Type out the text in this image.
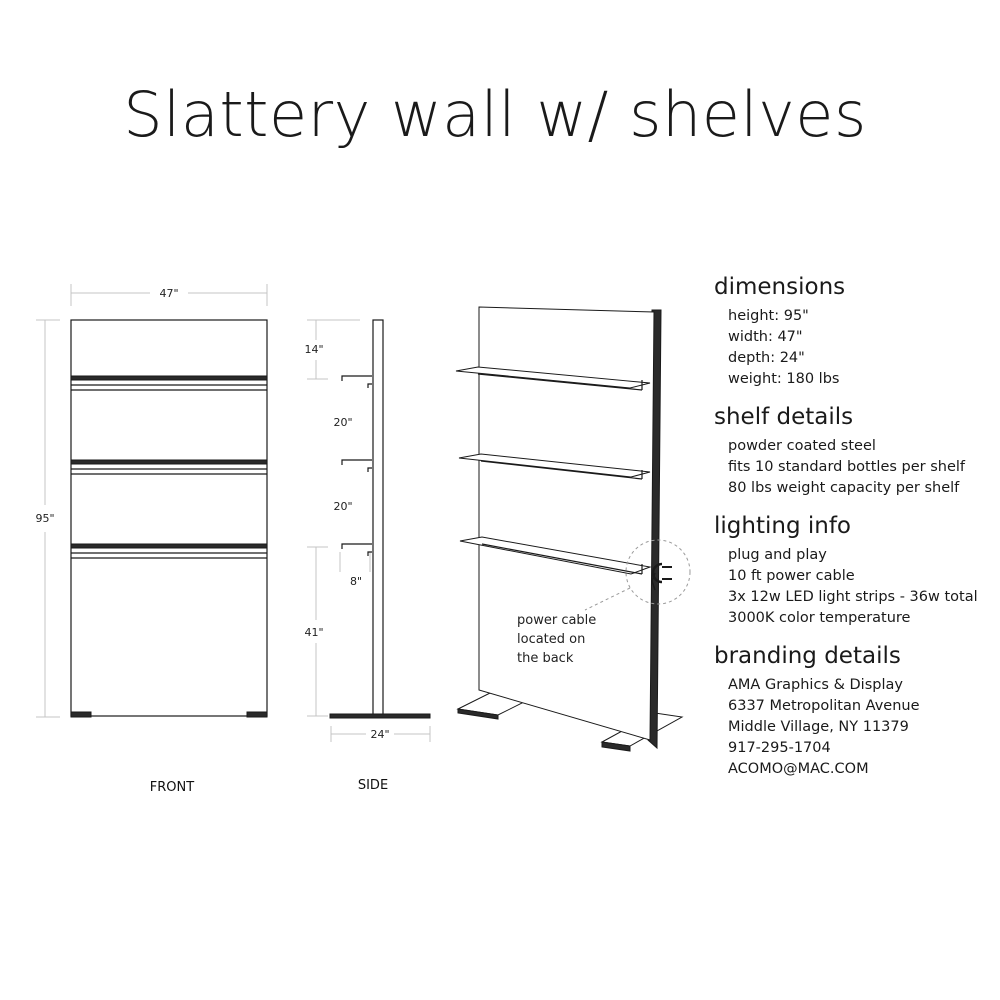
Slattery wall w/ shelves
47"
95"
FRONT
14"
20"
20"
41"
8"
24"
SIDE
power cable
located on
the back
dimensions
height: 95"
width: 47"
depth: 24"
weight: 180 lbs
shelf details
powder coated steel
fits 10 standard bottles per shelf
80 lbs weight capacity per shelf
lighting info
plug and play
10 ft power cable
3x 12w LED light strips - 36w total
3000K color temperature
branding details
AMA Graphics & Display
6337 Metropolitan Avenue
Middle Village, NY 11379
917-295-1704
ACOMO@MAC.COM
